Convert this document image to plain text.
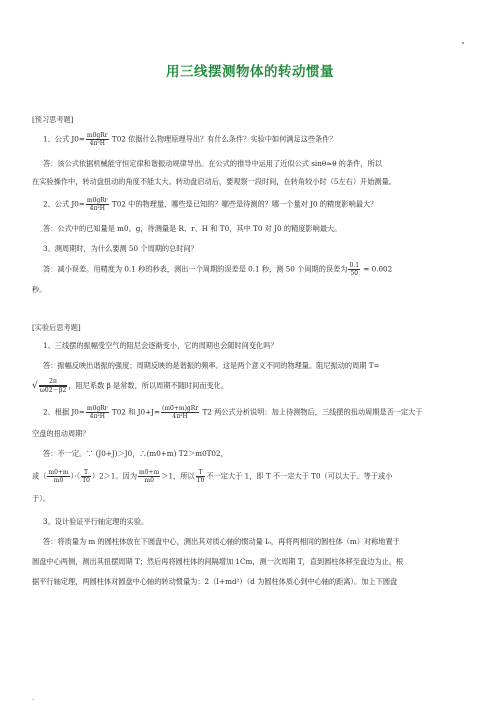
用三线摆测物体的转动惯量
[预习思考题]
1、公式 $J0= \frac{\text{m0gRr}}{\text{4π²H}} T02$ 依据什么物理原理导出？有什么条件？实验中如何满足这些条件？
答：该公式依据机械能守恒定律和谐振动规律导出。在公式的推导中运用了近似公式 sinθ≈θ 的条件，所以
在实验操作中，转动盘扭动的角度不能太大。转动盘启动后，要观察一段时间，在转角较小时（5左右）开始测量。
2、公式 $J0= \frac{\text{m0gRr}}{\text{4π²H}} T02$ 中的物理量，哪些是已知的？哪些是待测的？哪一个量对 J0 的精度影响最大？
答：公式中的已知量是 m0、g，待测量是 R、r、H 和 T0，其中 T0 对 J0 的精度影响最大。
3、测周期时，为什么要测 50 个周期的总时间？
答：减小误差。用精度为 0.1 秒的秒表，测出一个周期的误差是 0.1 秒，测 50 个周期的误差为 $\frac{0.1}{50} = 0.002$
秒。
[实验后思考题]
1、三线摆的振幅受空气的阻尼会逐渐变小，它的周期也会随时间变化吗？
答：振幅反映出谐振的强度；周期反映的是谐振的频率。这是两个意义不同的物理量。阻尼振动的周期 T=
√ $\frac{2\pi}{\omega 02-\beta 2}$ ，阻尼系数 β 是常数，所以周期不随时间而变化。
2、根据 $J0= \frac{\text{m0gRr}}{\text{4π²H}} T02$ 和 $J0+J= \frac{\text{(m0+m)gRr}}{\text{4π²H}} T2$ 两公式分析说明：加上待测物后，三线摆的扭动周期是否一定大于
空盘的扭动周期？
答：不一定。∵ (J0+J)＞J0，∴(m0+m) T2＞m0T02，
或（ $\frac{m0+m}{m0}$ ）·（ $\frac{T}{T0} )2>1$。因为 $\frac{m0+m}{m0} >1$，所以 $\frac{T}{T0}$ 不一定大于 1，即 T 不一定大于 T0（可以大于、等于或小
于）。
3、设计验证平行轴定理的实验。
答：将质量为 m 的圆柱体放在下圆盘中心，测出其对质心轴的惯动量 I₀，再将两相同的圆柱体（m）对称地置于
圆盘中心两侧，测出其扭摆周期 T；然后再将圆柱体的间隔增加 1Cm，测一次周期 T，直到圆柱体移至盘边为止。根
据平行轴定理，两圆柱体对圆盘中心轴的转动惯量为：2（I+md²）（d 为圆柱体质心到中心轴的距离）。加上下圆盘
.
